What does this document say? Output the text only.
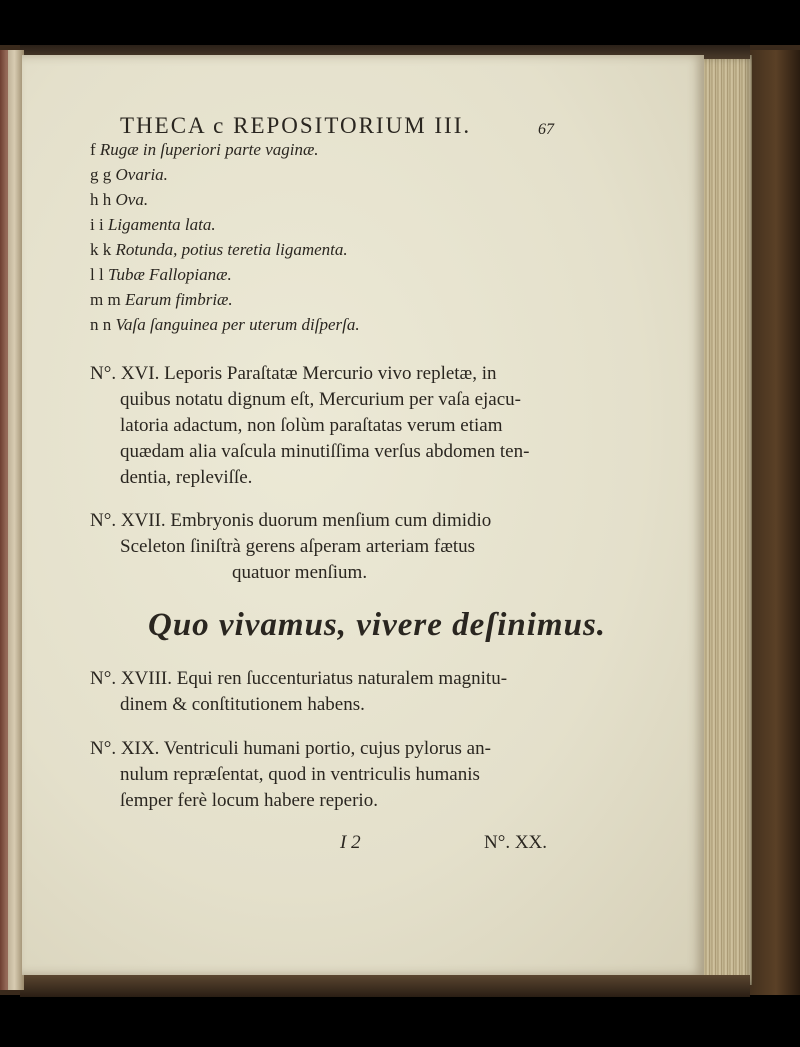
THECA c REPOSITORIUM III.	67
f Rugæ in ſuperiori parte vaginæ.
g g Ovaria.
h h Ova.
i i Ligamenta lata.
k k Rotunda, potius teretia ligamenta.
l l Tubæ Fallopianæ.
m m Earum fimbriæ.
n n Vaſa ſanguinea per uterum diſperſa.
N°. XVI. Leporis Paraſtatæ Mercurio vivo repletæ, in
quibus notatu dignum eſt, Mercurium per vaſa ejacu-
latoria adactum, non ſolùm paraſtatas verum etiam
quædam alia vaſcula minutiſſima verſus abdomen ten-
dentia, repleviſſe.
N°. XVII. Embryonis duorum menſium cum dimidio
Sceleton ſiniſtrà gerens aſperam arteriam fætus
quatuor menſium.
Quo vivamus, vivere deſinimus.
N°. XVIII. Equi ren ſuccenturiatus naturalem magnitu-
dinem & conſtitutionem habens.
N°. XIX. Ventriculi humani portio, cujus pylorus an-
nulum repræſentat, quod in ventriculis humanis
ſemper ferè locum habere reperio.
I 2	N°. XX.
